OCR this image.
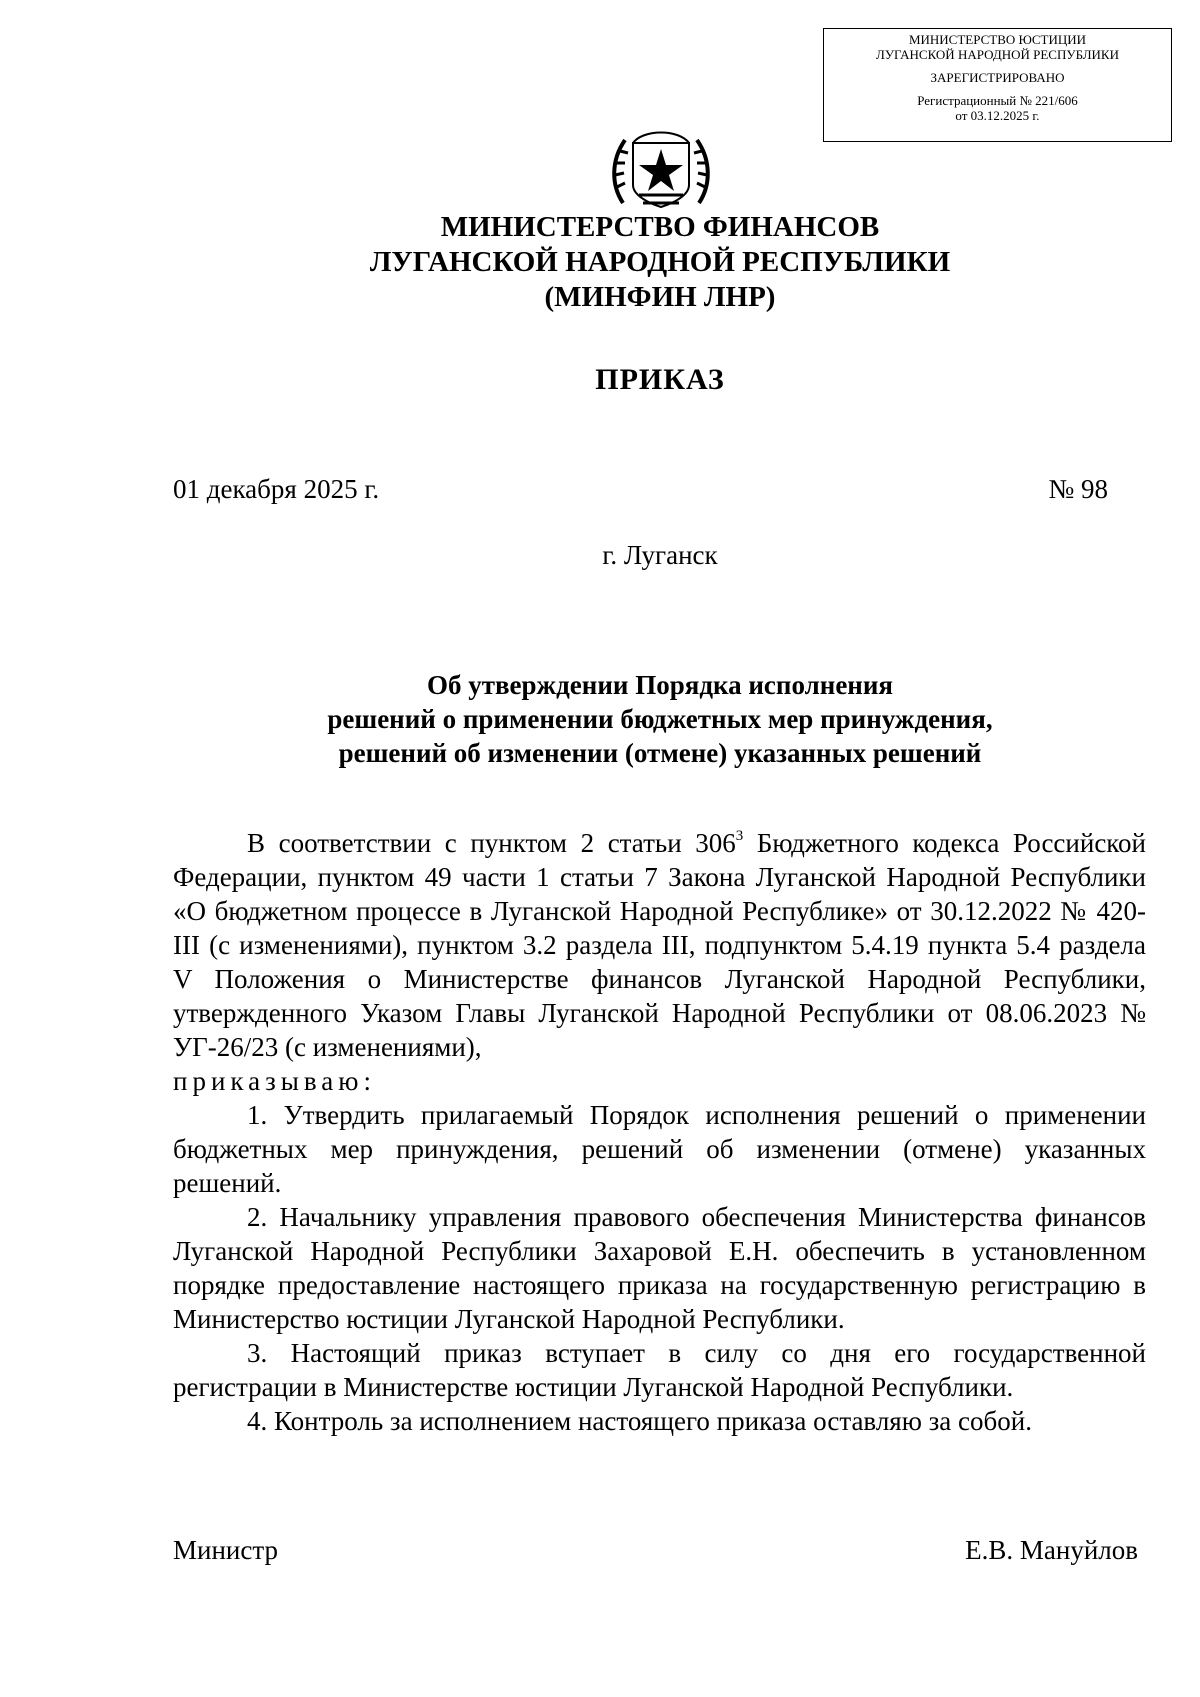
МИНИСТЕРСТВО ЮСТИЦИИ
ЛУГАНСКОЙ НАРОДНОЙ РЕСПУБЛИКИ
ЗАРЕГИСТРИРОВАНО
Регистрационный № 221/606
от 03.12.2025 г.
МИНИСТЕРСТВО ФИНАНСОВ
ЛУГАНСКОЙ НАРОДНОЙ РЕСПУБЛИКИ
(МИНФИН ЛНР)
ПРИКАЗ
01 декабря 2025 г.	№ 98
г. Луганск
Об утверждении Порядка исполнения
решений о применении бюджетных мер принуждения,
решений об изменении (отмене) указанных решений

В соответствии с пунктом 2 статьи $306^3$ Бюджетного кодекса Российской Федерации, пунктом 49 части 1 статьи 7 Закона Луганской Народной Республики «О бюджетном процессе в Луганской Народной Республике» от 30.12.2022 № 420-III (с изменениями), пунктом 3.2 раздела III, подпунктом 5.4.19 пункта 5.4 раздела V Положения о Министерстве финансов Луганской Народной Республики, утвержденного Указом Главы Луганской Народной Республики от 08.06.2023 № УГ-26/23 (с изменениями),

приказываю:

1. Утвердить прилагаемый Порядок исполнения решений о применении бюджетных мер принуждения, решений об изменении (отмене) указанных решений.

2. Начальнику управления правового обеспечения Министерства финансов Луганской Народной Республики Захаровой Е.Н. обеспечить в установленном порядке предоставление настоящего приказа на государственную регистрацию в Министерство юстиции Луганской Народной Республики.

3. Настоящий приказ вступает в силу со дня его государственной регистрации в Министерстве юстиции Луганской Народной Республики.

4. Контроль за исполнением настоящего приказа оставляю за собой.

Министр	Е.В. Мануйлов
